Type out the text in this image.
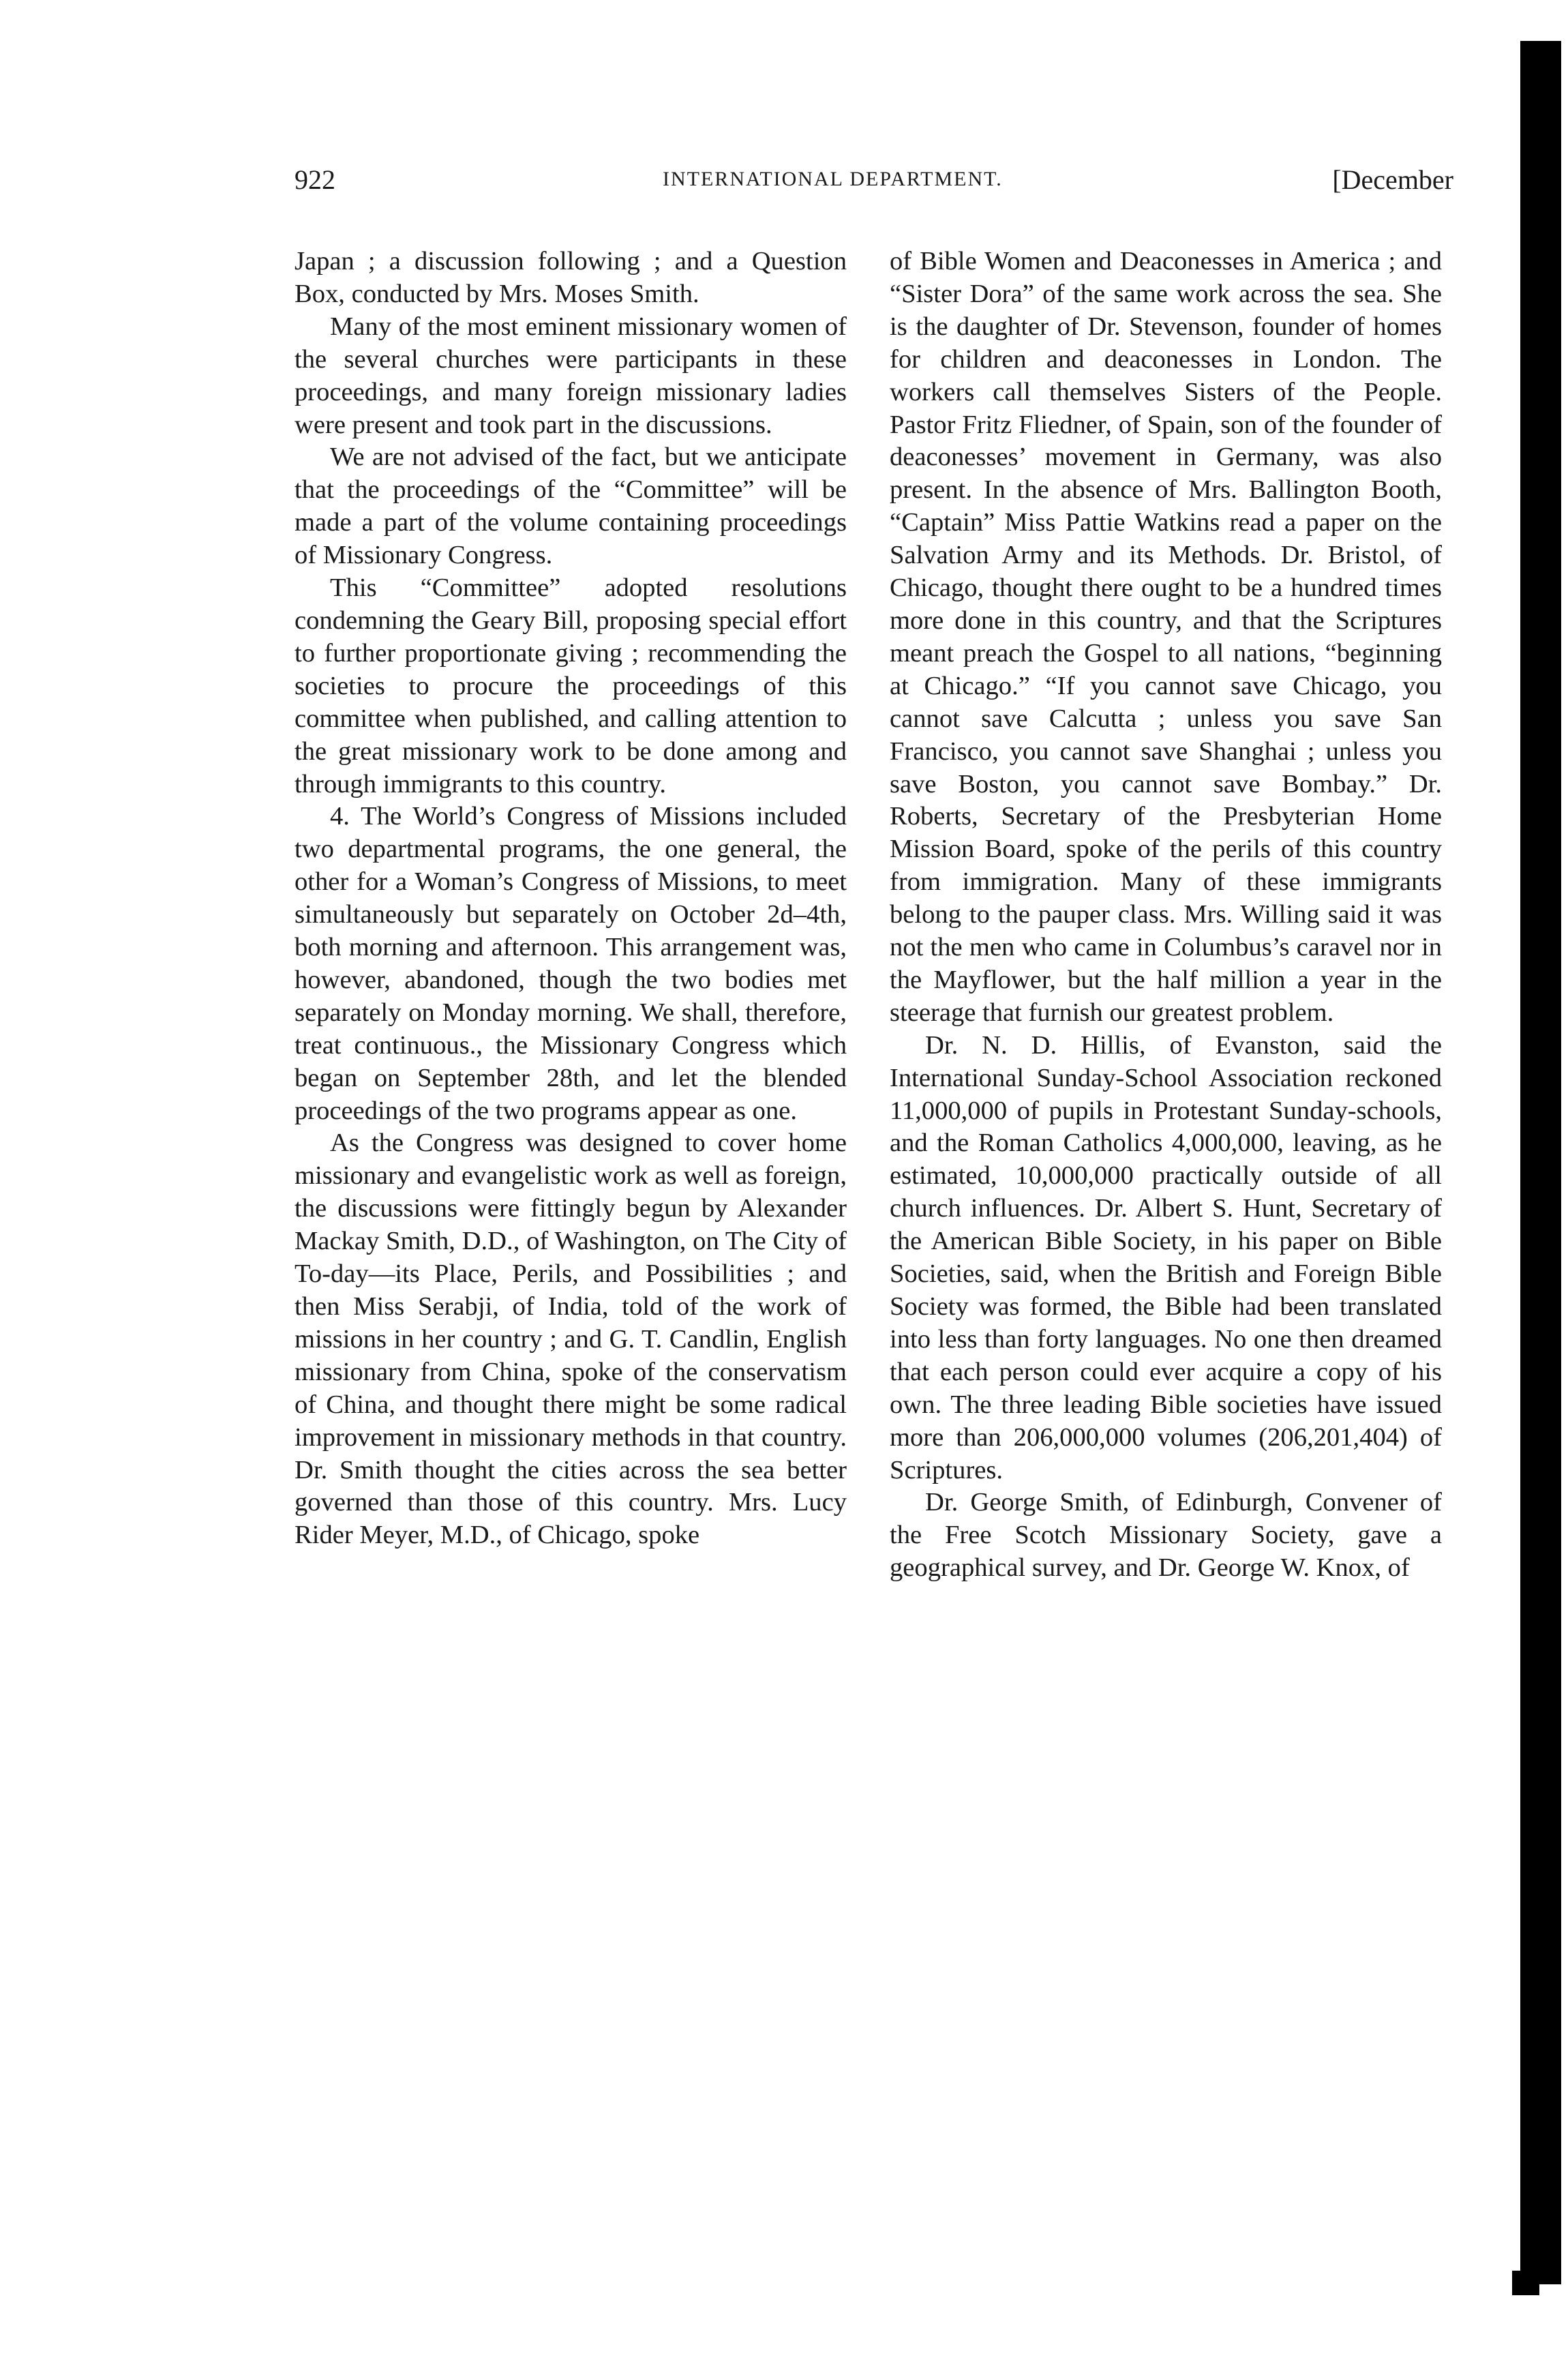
922	INTERNATIONAL DEPARTMENT.	[December

Japan ; a discussion following ; and a Question Box, conducted by Mrs. Moses Smith.

Many of the most eminent missionary women of the several churches were participants in these proceedings, and many foreign missionary ladies were present and took part in the discussions.

We are not advised of the fact, but we anticipate that the proceedings of the “Committee” will be made a part of the volume containing proceedings of Missionary Congress.

This “Committee” adopted resolutions condemning the Geary Bill, proposing special effort to further proportionate giving ; recommending the societies to procure the proceedings of this committee when published, and calling attention to the great missionary work to be done among and through immigrants to this country.

4. The World’s Congress of Missions included two departmental programs, the one general, the other for a Woman’s Congress of Missions, to meet simultaneously but separately on October 2d–4th, both morning and afternoon. This arrangement was, however, abandoned, though the two bodies met separately on Monday morning. We shall, therefore, treat continuous., the Missionary Congress which began on September 28th, and let the blended proceedings of the two programs appear as one.

As the Congress was designed to cover home missionary and evangelistic work as well as foreign, the discussions were fittingly begun by Alexander Mackay Smith, D.D., of Washington, on The City of To-day—its Place, Perils, and Possibilities ; and then Miss Serabji, of India, told of the work of missions in her country ; and G. T. Candlin, English missionary from China, spoke of the conservatism of China, and thought there might be some radical improvement in missionary methods in that country. Dr. Smith thought the cities across the sea better governed than those of this country. Mrs. Lucy Rider Meyer, M.D., of Chicago, spoke

of Bible Women and Deaconesses in America ; and “Sister Dora” of the same work across the sea. She is the daughter of Dr. Stevenson, founder of homes for children and deaconesses in London. The workers call themselves Sisters of the People. Pastor Fritz Fliedner, of Spain, son of the founder of deaconesses’ movement in Germany, was also present. In the absence of Mrs. Ballington Booth, “Captain” Miss Pattie Watkins read a paper on the Salvation Army and its Methods. Dr. Bristol, of Chicago, thought there ought to be a hundred times more done in this country, and that the Scriptures meant preach the Gospel to all nations, “beginning at Chicago.” “If you cannot save Chicago, you cannot save Calcutta ; unless you save San Francisco, you cannot save Shanghai ; unless you save Boston, you cannot save Bombay.” Dr. Roberts, Secretary of the Presbyterian Home Mission Board, spoke of the perils of this country from immigration. Many of these immigrants belong to the pauper class. Mrs. Willing said it was not the men who came in Columbus’s caravel nor in the Mayflower, but the half million a year in the steerage that furnish our greatest problem.

Dr. N. D. Hillis, of Evanston, said the International Sunday-School Association reckoned 11,000,000 of pupils in Protestant Sunday-schools, and the Roman Catholics 4,000,000, leaving, as he estimated, 10,000,000 practically outside of all church influences. Dr. Albert S. Hunt, Secretary of the American Bible Society, in his paper on Bible Societies, said, when the British and Foreign Bible Society was formed, the Bible had been translated into less than forty languages. No one then dreamed that each person could ever acquire a copy of his own. The three leading Bible societies have issued more than 206,000,000 volumes (206,201,404) of Scriptures.

Dr. George Smith, of Edinburgh, Convener of the Free Scotch Missionary Society, gave a geographical survey, and Dr. George W. Knox, of
